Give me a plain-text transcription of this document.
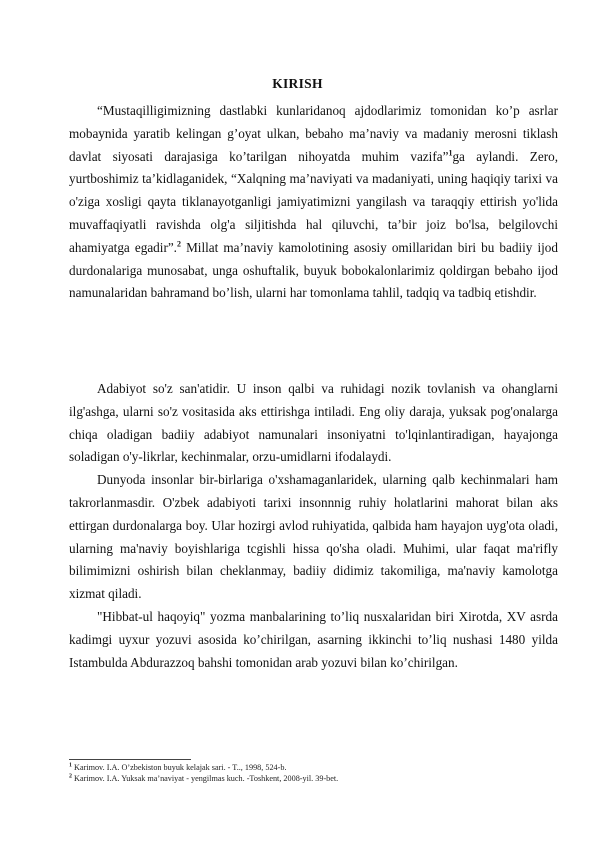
KIRISH

“Mustaqilligimizning dastlabki kunlaridanoq ajdodlarimiz tomonidan ko’p asrlar mobaynida yaratib kelingan g’oyat ulkan, bebaho ma’naviy va madaniy merosni tiklash davlat siyosati darajasiga ko’tarilgan nihoyatda muhim vazifa”$^1$ga aylandi. Zero, yurtboshimiz ta’kidlaganidek, “Xalqning ma’naviyati va madaniyati, uning haqiqiy tarixi va o'ziga xosligi qayta tiklanayotganligi jamiyatimizni yangilash va taraqqiy ettirish yo'lida muvaffaqiyatli ravishda olg'a siljitishda hal qiluvchi, ta’bir joiz bo'lsa, belgilovchi ahamiyatga egadir”.$^2$ Millat ma’naviy kamolotining asosiy omillaridan biri bu badiiy ijod durdonalariga munosabat, unga oshuftalik, buyuk bobokalonlarimiz qoldirgan bebaho ijod namunalaridan bahramand bo’lish, ularni har tomonlama tahlil, tadqiq va tadbiq etishdir.

Adabiyot so'z san'atidir. U inson qalbi va ruhidagi nozik tovlanish va ohanglarni ilg'ashga, ularni so'z vositasida aks ettirishga intiladi. Eng oliy daraja, yuksak pog'onalarga chiqa oladigan badiiy adabiyot namunalari insoniyatni to'lqinlantiradigan, hayajonga soladigan o'y-likrlar, kechinmalar, orzu-umidlarni ifodalaydi.

Dunyoda insonlar bir-birlariga o'xshamaganlaridek, ularning qalb kechinmalari ham takrorlanmasdir. O'zbek adabiyoti tarixi insonnnig ruhiy holatlarini mahorat bilan aks ettirgan durdonalarga boy. Ular hozirgi avlod ruhiyatida, qalbida ham hayajon uyg'ota oladi, ularning ma'naviy boyishlariga tcgishli hissa qo'sha oladi. Muhimi, ular faqat ma'rifly bilimimizni oshirish bilan cheklanmay, badiiy didimiz takomiliga, ma'naviy kamolotga xizmat qiladi.

"Hibbat-ul haqoyiq" yozma manbalarining to’liq nusxalaridan biri Xirotda, XV asrda kadimgi uyxur yozuvi asosida ko’chirilgan, asarning ikkinchi to’liq nushasi 1480 yilda Istambulda Abdurazzoq bahshi tomonidan arab yozuvi bilan ko’chirilgan.

$^1$ Karimov. I.A. O’zbekiston buyuk kelajak sari. - T.., 1998, 524-b.
$^2$ Karimov. I.A. Yuksak ma’naviyat - yengilmas kuch. -Toshkent, 2008-yil. 39-bet.
